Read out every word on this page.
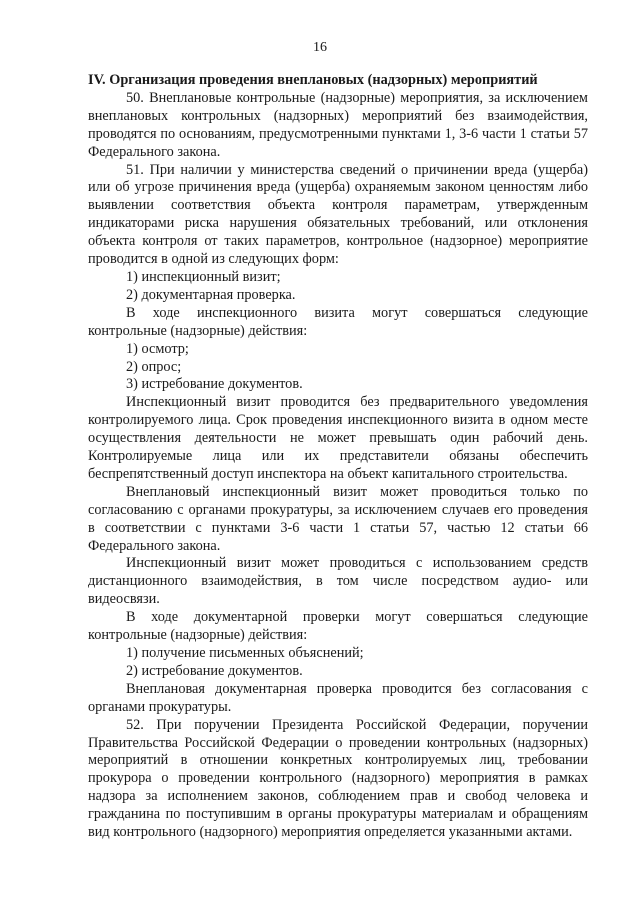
16

IV. Организация проведения внеплановых (надзорных) мероприятий

50. Внеплановые контрольные (надзорные) мероприятия, за исключением внеплановых контрольных (надзорных) мероприятий без взаимодействия, проводятся по основаниям, предусмотренными пунктами 1, 3-6 части 1 статьи 57 Федерального закона.

51. При наличии у министерства сведений о причинении вреда (ущерба) или об угрозе причинения вреда (ущерба) охраняемым законом ценностям либо выявлении соответствия объекта контроля параметрам, утвержденным индикаторами риска нарушения обязательных требований, или отклонения объекта контроля от таких параметров, контрольное (надзорное) мероприятие проводится в одной из следующих форм:

1) инспекционный визит;

2) документарная проверка.

В ходе инспекционного визита могут совершаться следующие контрольные (надзорные) действия:

1) осмотр;

2) опрос;

3) истребование документов.

Инспекционный визит проводится без предварительного уведомления контролируемого лица. Срок проведения инспекционного визита в одном месте осуществления деятельности не может превышать один рабочий день. Контролируемые лица или их представители обязаны обеспечить беспрепятственный доступ инспектора на объект капитального строительства.

Внеплановый инспекционный визит может проводиться только по согласованию с органами прокуратуры, за исключением случаев его проведения в соответствии с пунктами 3-6 части 1 статьи 57, частью 12 статьи 66 Федерального закона.

Инспекционный визит может проводиться с использованием средств дистанционного взаимодействия, в том числе посредством аудио- или видеосвязи.

В ходе документарной проверки могут совершаться следующие контрольные (надзорные) действия:

1) получение письменных объяснений;

2) истребование документов.

Внеплановая документарная проверка проводится без согласования с органами прокуратуры.

52. При поручении Президента Российской Федерации, поручении Правительства Российской Федерации о проведении контрольных (надзорных) мероприятий в отношении конкретных контролируемых лиц, требовании прокурора о проведении контрольного (надзорного) мероприятия в рамках надзора за исполнением законов, соблюдением прав и свобод человека и гражданина по поступившим в органы прокуратуры материалам и обращениям вид контрольного (надзорного) мероприятия определяется указанными актами.
